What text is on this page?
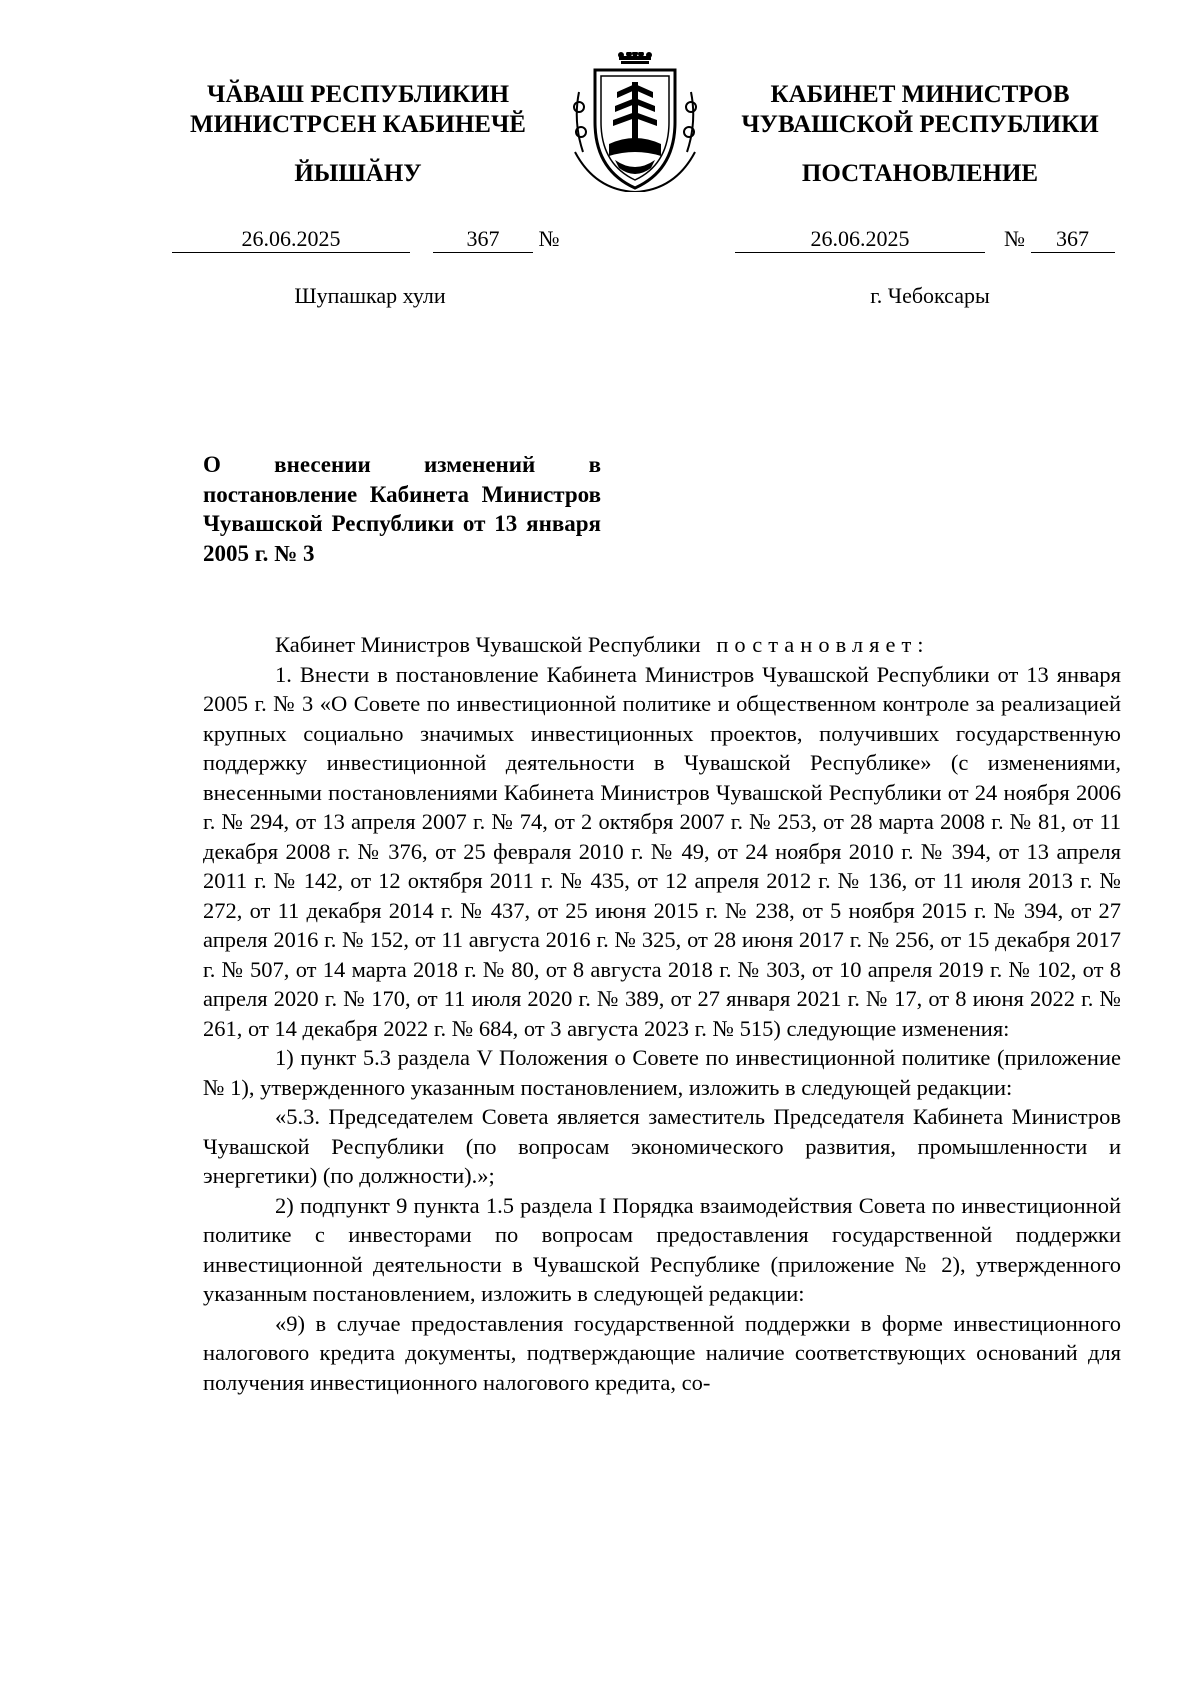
ЧӐВАШ РЕСПУБЛИКИН
МИНИСТРСЕН КАБИНЕЧӖ
ЙЫШӐНУ
КАБИНЕТ МИНИСТРОВ
ЧУВАШСКОЙ РЕСПУБЛИКИ
ПОСТАНОВЛЕНИЕ
26.06.2025	367 №	26.06.2025	№ 367
Шупашкар хули	г. Чебоксары
О внесении изменений в постановление Кабинета Министров Чувашской Республики от 13 января 2005 г. № 3

Кабинет Министров Чувашской Республики постановляет:

1. Внести в постановление Кабинета Министров Чувашской Республики от 13 января 2005 г. № 3 «О Совете по инвестиционной политике и общественном контроле за реализацией крупных социально значимых инвестиционных проектов, получивших государственную поддержку инвестиционной деятельности в Чувашской Республике» (с изменениями, внесенными постановлениями Кабинета Министров Чувашской Республики от 24 ноября 2006 г. № 294, от 13 апреля 2007 г. № 74, от 2 октября 2007 г. № 253, от 28 марта 2008 г. № 81, от 11 декабря 2008 г. № 376, от 25 февраля 2010 г. № 49, от 24 ноября 2010 г. № 394, от 13 апреля 2011 г. № 142, от 12 октября 2011 г. № 435, от 12 апреля 2012 г. № 136, от 11 июля 2013 г. № 272, от 11 декабря 2014 г. № 437, от 25 июня 2015 г. № 238, от 5 ноября 2015 г. № 394, от 27 апреля 2016 г. № 152, от 11 августа 2016 г. № 325, от 28 июня 2017 г. № 256, от 15 декабря 2017 г. № 507, от 14 марта 2018 г. № 80, от 8 августа 2018 г. № 303, от 10 апреля 2019 г. № 102, от 8 апреля 2020 г. № 170, от 11 июля 2020 г. № 389, от 27 января 2021 г. № 17, от 8 июня 2022 г. № 261, от 14 декабря 2022 г. № 684, от 3 августа 2023 г. № 515) следующие изменения:

1) пункт 5.3 раздела V Положения о Совете по инвестиционной политике (приложение № 1), утвержденного указанным постановлением, изложить в следующей редакции:

«5.3. Председателем Совета является заместитель Председателя Кабинета Министров Чувашской Республики (по вопросам экономического развития, промышленности и энергетики) (по должности).»;

2) подпункт 9 пункта 1.5 раздела I Порядка взаимодействия Совета по инвестиционной политике с инвесторами по вопросам предоставления государственной поддержки инвестиционной деятельности в Чувашской Республике (приложение № 2), утвержденного указанным постановлением, изложить в следующей редакции:

«9) в случае предоставления государственной поддержки в форме инвестиционного налогового кредита документы, подтверждающие наличие соответствующих оснований для получения инвестиционного налогового кредита, со-
